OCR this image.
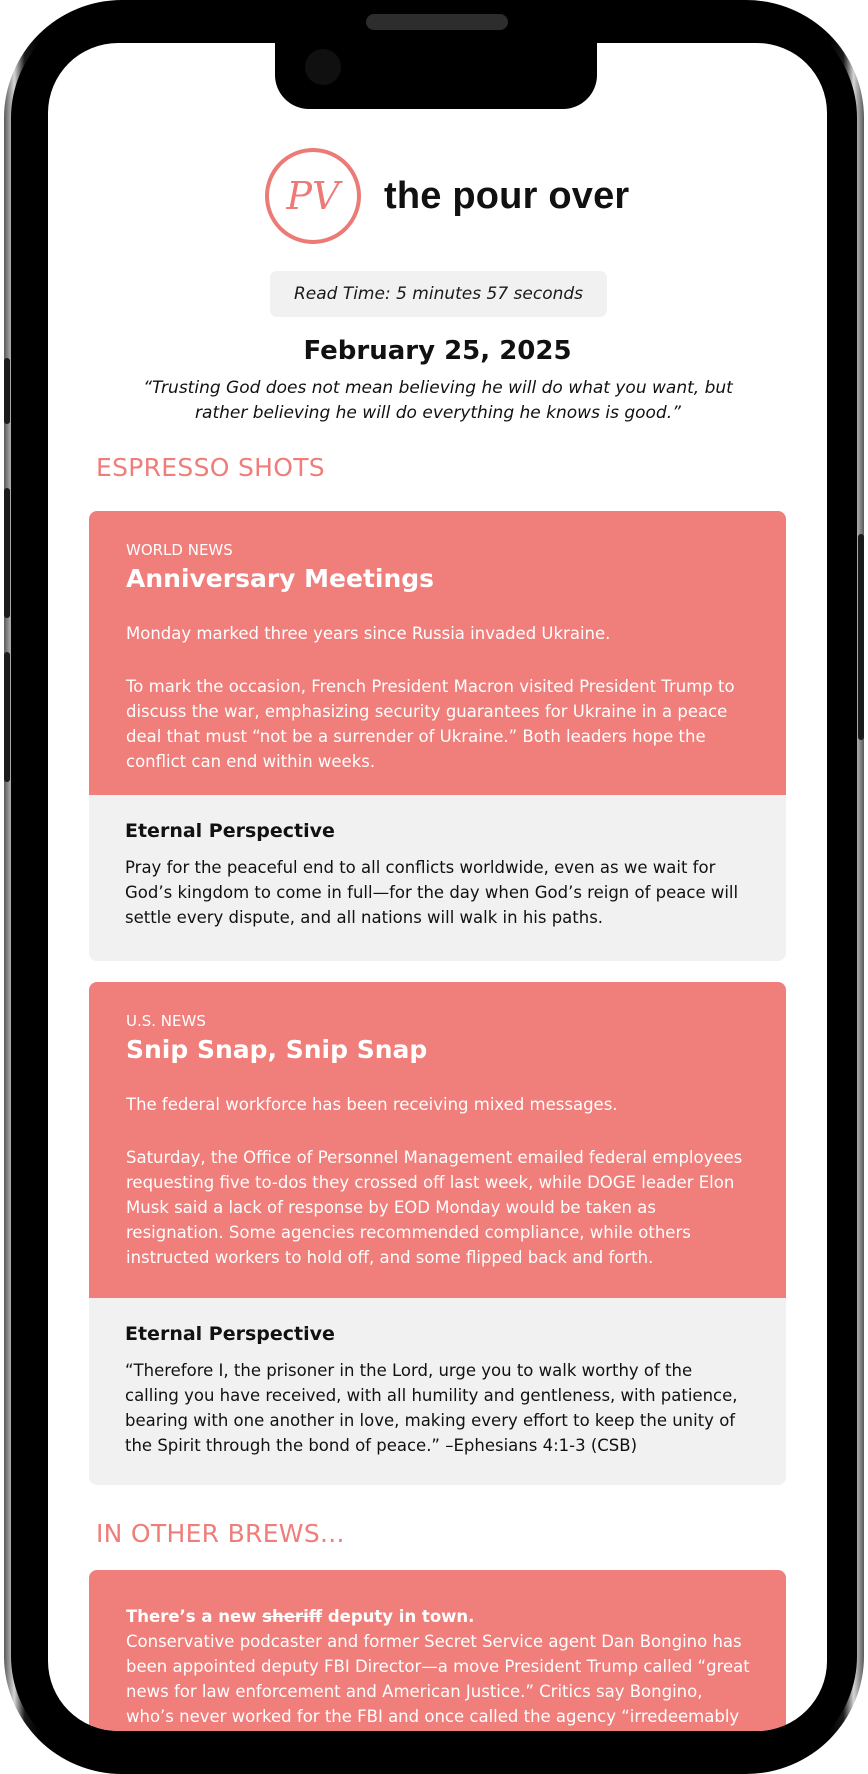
PV the pour over
Read Time: 5 minutes 57 seconds
February 25, 2025
“Trusting God does not mean believing he will do what you want, but rather believing he will do everything he knows is good.”
ESPRESSO SHOTS
WORLD NEWS
Anniversary Meetings
Monday marked three years since Russia invaded Ukraine.
To mark the occasion, French President Macron visited President Trump to discuss the war, emphasizing security guarantees for Ukraine in a peace deal that must “not be a surrender of Ukraine.” Both leaders hope the conflict can end within weeks.
Eternal Perspective
Pray for the peaceful end to all conflicts worldwide, even as we wait for God’s kingdom to come in full—for the day when God’s reign of peace will settle every dispute, and all nations will walk in his paths.
U.S. NEWS
Snip Snap, Snip Snap
The federal workforce has been receiving mixed messages.
Saturday, the Office of Personnel Management emailed federal employees requesting five to-dos they crossed off last week, while DOGE leader Elon Musk said a lack of response by EOD Monday would be taken as resignation. Some agencies recommended compliance, while others instructed workers to hold off, and some flipped back and forth.
Eternal Perspective
“Therefore I, the prisoner in the Lord, urge you to walk worthy of the calling you have received, with all humility and gentleness, with patience, bearing with one another in love, making every effort to keep the unity of the Spirit through the bond of peace.” –Ephesians 4:1-3 (CSB)
IN OTHER BREWS...
There’s a new sheriff deputy in town.
Conservative podcaster and former Secret Service agent Dan Bongino has been appointed deputy FBI Director—a move President Trump called “great news for law enforcement and American Justice.” Critics say Bongino, who’s never worked for the FBI and once called the agency “irredeemably
